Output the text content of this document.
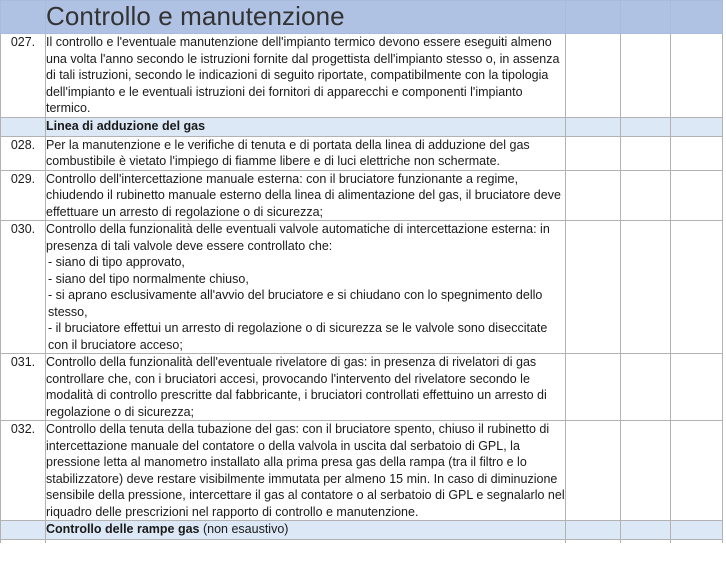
	Controllo e manutenzione			
027.	Il controllo e l'eventuale manutenzione dell'impianto termico devono essere eseguiti almeno una volta l'anno secondo le istruzioni fornite dal progettista dell'impianto stesso o, in assenza di tali istruzioni, secondo le indicazioni di seguito riportate, compatibilmente con la tipologia dell'impianto e le eventuali istruzioni dei fornitori di apparecchi e componenti l'impianto termico.			

	Linea di adduzione del gas			
028.	Per la manutenzione e le verifiche di tenuta e di portata della linea di adduzione del gas combustibile è vietato l'impiego di fiamme libere e di luci elettriche non schermate.			

029.	Controllo dell'intercettazione manuale esterna: con il bruciatore funzionante a regime, chiudendo il rubinetto manuale esterno della linea di alimentazione del gas, il bruciatore deve effettuare un arresto di regolazione o di sicurezza;			

030.	Controllo della funzionalità delle eventuali valvole automatiche di intercettazione esterna: in presenza di tali valvole deve essere controllato che:

- siano di tipo approvato,

- siano del tipo normalmente chiuso,

- si aprano esclusivamente all'avvio del bruciatore e si chiudano con lo spegnimento dello stesso,

- il bruciatore effettui un arresto di regolazione o di sicurezza se le valvole sono diseccitate con il bruciatore acceso;			

031.	Controllo della funzionalità dell'eventuale rivelatore di gas: in presenza di rivelatori di gas controllare che, con i bruciatori accesi, provocando l'intervento del rivelatore secondo le modalità di controllo prescritte dal fabbricante, i bruciatori controllati effettuino un arresto di regolazione o di sicurezza;			

032.	Controllo della tenuta della tubazione del gas: con il bruciatore spento, chiuso il rubinetto di intercettazione manuale del contatore o della valvola in uscita dal serbatoio di GPL, la pressione letta al manometro installato alla prima presa gas della rampa (tra il filtro e lo stabilizzatore) deve restare visibilmente immutata per almeno 15 min. In caso di diminuzione sensibile della pressione, intercettare il gas al contatore o al serbatoio di GPL e segnalarlo nel riquadro delle prescrizioni nel rapporto di controllo e manutenzione.			

	Controllo delle rampe gas (non esaustivo)			
